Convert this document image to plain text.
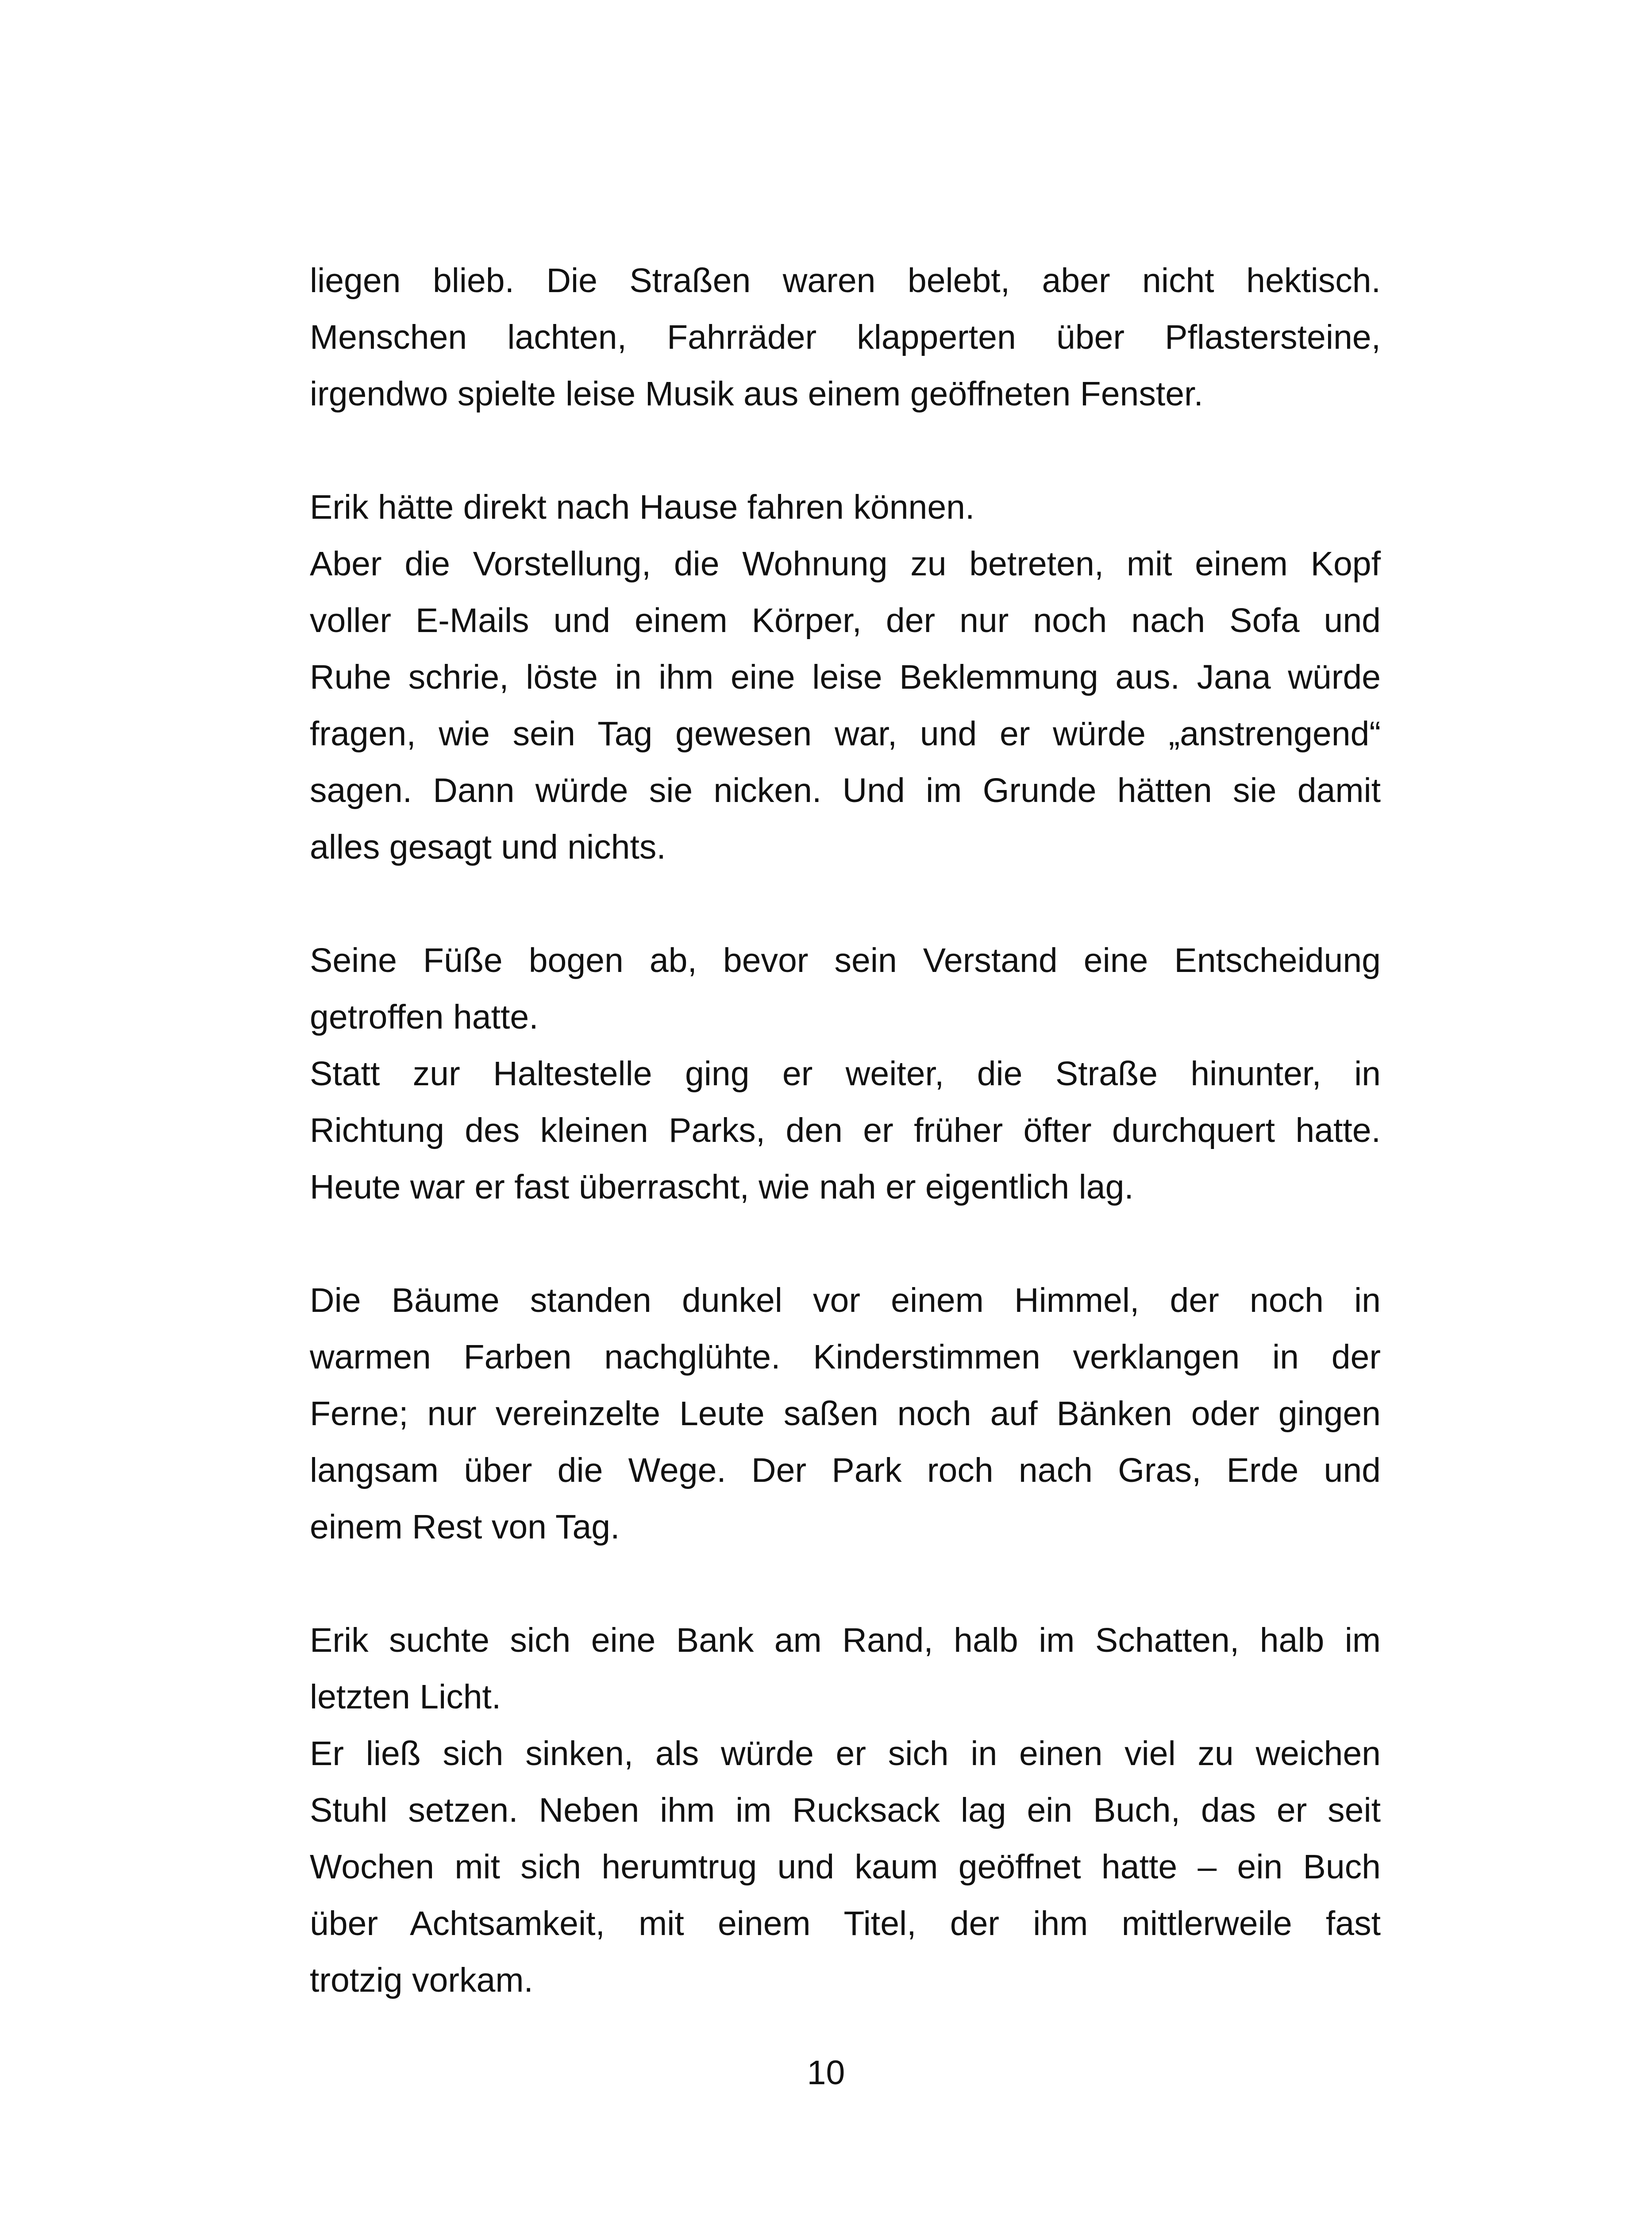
liegen blieb. Die Straßen waren belebt, aber nicht hektisch.
Menschen lachten, Fahrräder klapperten über Pflastersteine,
irgendwo spielte leise Musik aus einem geöffneten Fenster.

Erik hätte direkt nach Hause fahren können.
Aber die Vorstellung, die Wohnung zu betreten, mit einem Kopf
voller E-Mails und einem Körper, der nur noch nach Sofa und
Ruhe schrie, löste in ihm eine leise Beklemmung aus. Jana würde
fragen, wie sein Tag gewesen war, und er würde „anstrengend“
sagen. Dann würde sie nicken. Und im Grunde hätten sie damit
alles gesagt und nichts.

Seine Füße bogen ab, bevor sein Verstand eine Entscheidung
getroffen hatte.
Statt zur Haltestelle ging er weiter, die Straße hinunter, in
Richtung des kleinen Parks, den er früher öfter durchquert hatte.
Heute war er fast überrascht, wie nah er eigentlich lag.

Die Bäume standen dunkel vor einem Himmel, der noch in
warmen Farben nachglühte. Kinderstimmen verklangen in der
Ferne; nur vereinzelte Leute saßen noch auf Bänken oder gingen
langsam über die Wege. Der Park roch nach Gras, Erde und
einem Rest von Tag.

Erik suchte sich eine Bank am Rand, halb im Schatten, halb im
letzten Licht.
Er ließ sich sinken, als würde er sich in einen viel zu weichen
Stuhl setzen. Neben ihm im Rucksack lag ein Buch, das er seit
Wochen mit sich herumtrug und kaum geöffnet hatte – ein Buch
über Achtsamkeit, mit einem Titel, der ihm mittlerweile fast
trotzig vorkam.

10
